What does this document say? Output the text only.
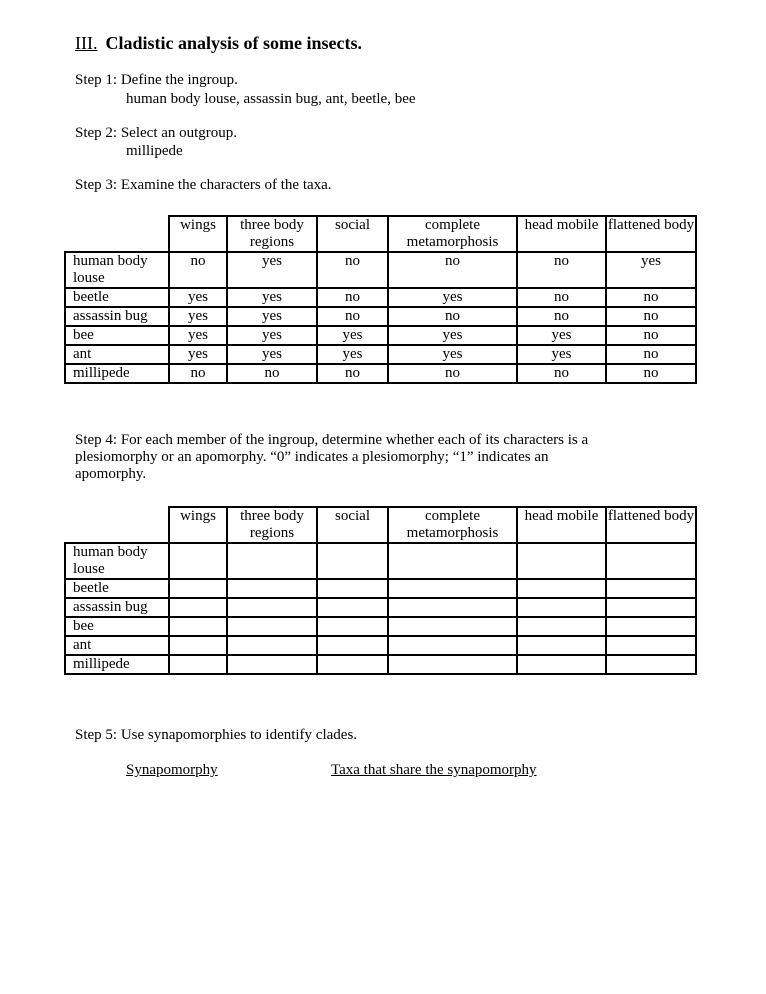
III. Cladistic analysis of some insects.
Step 1: Define the ingroup.
human body louse, assassin bug, ant, beetle, bee
Step 2: Select an outgroup.
millipede
Step 3: Examine the characters of the taxa.
	wings	three body regions	social	complete metamorphosis	head mobile	flattened body
human body louse	no	yes	no	no	no	yes
beetle	yes	yes	no	yes	no	no
assassin bug	yes	yes	no	no	no	no
bee	yes	yes	yes	yes	yes	no
ant	yes	yes	yes	yes	yes	no
millipede	no	no	no	no	no	no
Step 4: For each member of the ingroup, determine whether each of its characters is a
plesiomorphy or an apomorphy. “0” indicates a plesiomorphy; “1” indicates an
apomorphy.
	wings	three body regions	social	complete metamorphosis	head mobile	flattened body
human body louse						
beetle						
assassin bug						
bee						
ant						
millipede						
Step 5: Use synapomorphies to identify clades.
Synapomorphy	Taxa that share the synapomorphy
